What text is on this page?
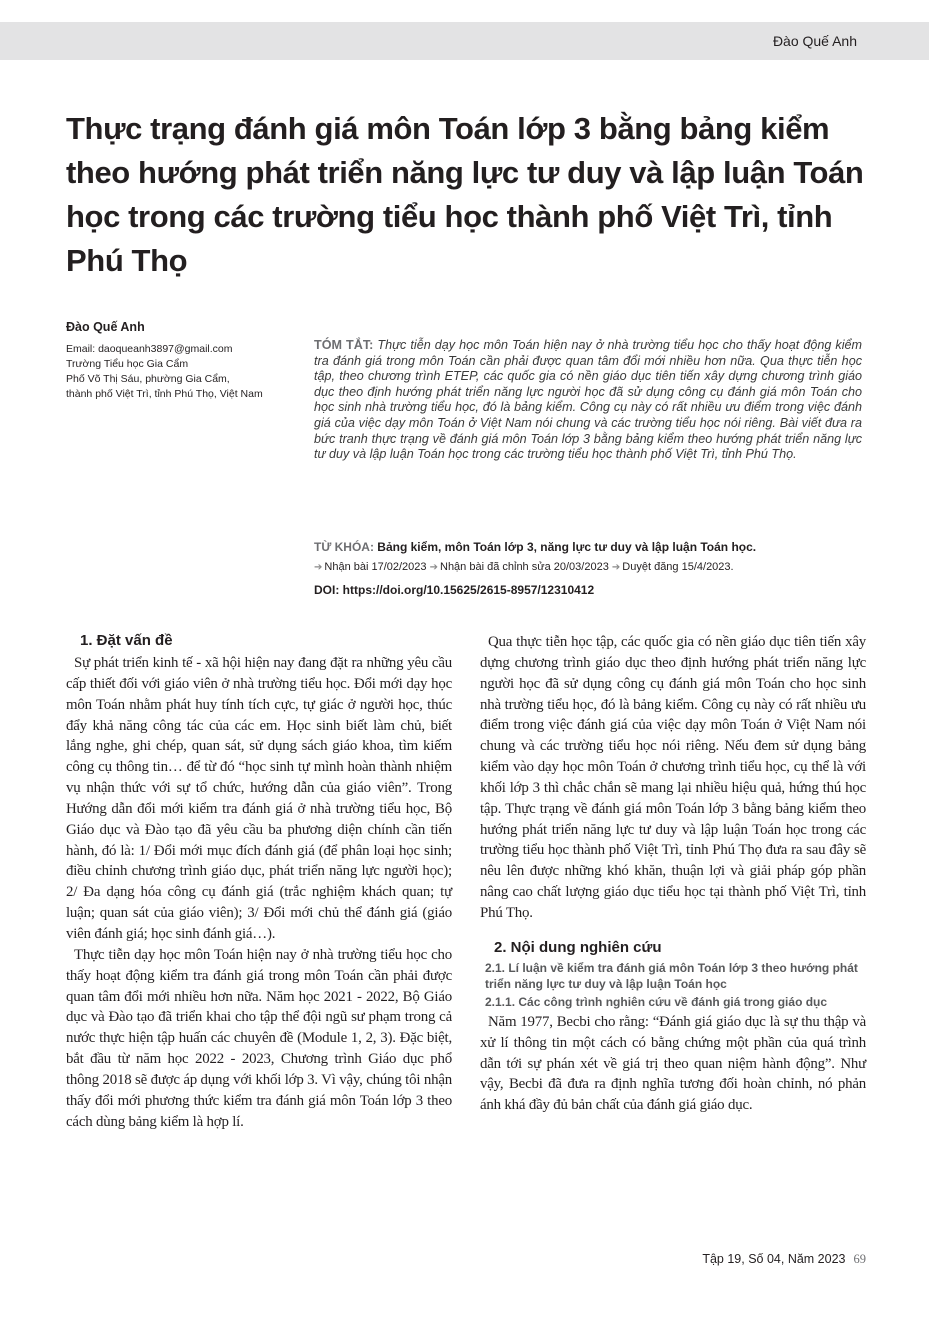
Đào Quế Anh
Thực trạng đánh giá môn Toán lớp 3 bằng bảng kiểm theo hướng phát triển năng lực tư duy và lập luận Toán học trong các trường tiểu học thành phố Việt Trì, tỉnh Phú Thọ
Đào Quế Anh
Email: daoqueanh3897@gmail.com
Trường Tiểu học Gia Cẩm
Phố Võ Thị Sáu, phường Gia Cẩm,
thành phố Việt Trì, tỉnh Phú Thọ, Việt Nam
TÓM TẮT: Thực tiễn dạy học môn Toán hiện nay ở nhà trường tiểu học cho thấy hoạt động kiểm tra đánh giá trong môn Toán cần phải được quan tâm đổi mới nhiều hơn nữa. Qua thực tiễn học tập, theo chương trình ETEP, các quốc gia có nền giáo dục tiên tiến xây dựng chương trình giáo dục theo định hướng phát triển năng lực người học đã sử dụng công cụ đánh giá môn Toán cho học sinh nhà trường tiểu học, đó là bảng kiểm. Công cụ này có rất nhiều ưu điểm trong việc đánh giá của việc dạy môn Toán ở Việt Nam nói chung và các trường tiểu học nói riêng. Bài viết đưa ra bức tranh thực trạng về đánh giá môn Toán lớp 3 bằng bảng kiểm theo hướng phát triển năng lực tư duy và lập luận Toán học trong các trường tiểu học thành phố Việt Trì, tỉnh Phú Thọ.
TỪ KHÓA: Bảng kiểm, môn Toán lớp 3, năng lực tư duy và lập luận Toán học.
➔ Nhận bài 17/02/2023 ➔ Nhận bài đã chỉnh sửa 20/03/2023 ➔ Duyệt đăng 15/4/2023.
DOI: https://doi.org/10.15625/2615-8957/12310412
1. Đặt vấn đề

Sự phát triển kinh tế - xã hội hiện nay đang đặt ra những yêu cầu cấp thiết đối với giáo viên ở nhà trường tiểu học. Đổi mới dạy học môn Toán nhằm phát huy tính tích cực, tự giác ở người học, thúc đẩy khả năng công tác của các em. Học sinh biết làm chủ, biết lắng nghe, ghi chép, quan sát, sử dụng sách giáo khoa, tìm kiếm công cụ thông tin… để từ đó “học sinh tự mình hoàn thành nhiệm vụ nhận thức với sự tổ chức, hướng dẫn của giáo viên”. Trong Hướng dẫn đổi mới kiểm tra đánh giá ở nhà trường tiểu học, Bộ Giáo dục và Đào tạo đã yêu cầu ba phương diện chính cần tiến hành, đó là: 1/ Đổi mới mục đích đánh giá (để phân loại học sinh; điều chỉnh chương trình giáo dục, phát triển năng lực người học); 2/ Đa dạng hóa công cụ đánh giá (trắc nghiệm khách quan; tự luận; quan sát của giáo viên); 3/ Đổi mới chủ thể đánh giá (giáo viên đánh giá; học sinh đánh giá…).

Thực tiễn dạy học môn Toán hiện nay ở nhà trường tiểu học cho thấy hoạt động kiểm tra đánh giá trong môn Toán cần phải được quan tâm đổi mới nhiều hơn nữa. Năm học 2021 - 2022, Bộ Giáo dục và Đào tạo đã triển khai cho tập thể đội ngũ sư phạm trong cả nước thực hiện tập huấn các chuyên đề (Module 1, 2, 3). Đặc biệt, bắt đầu từ năm học 2022 - 2023, Chương trình Giáo dục phổ thông 2018 sẽ được áp dụng với khối lớp 3. Vì vậy, chúng tôi nhận thấy đổi mới phương thức kiểm tra đánh giá môn Toán lớp 3 theo cách dùng bảng kiểm là hợp lí.

Qua thực tiễn học tập, các quốc gia có nền giáo dục tiên tiến xây dựng chương trình giáo dục theo định hướng phát triển năng lực người học đã sử dụng công cụ đánh giá môn Toán cho học sinh nhà trường tiểu học, đó là bảng kiểm. Công cụ này có rất nhiều ưu điểm trong việc đánh giá của việc dạy môn Toán ở Việt Nam nói chung và các trường tiểu học nói riêng. Nếu đem sử dụng bảng kiểm vào dạy học môn Toán ở chương trình tiểu học, cụ thể là với khối lớp 3 thì chắc chắn sẽ mang lại nhiều hiệu quả, hứng thú học tập. Thực trạng về đánh giá môn Toán lớp 3 bằng bảng kiểm theo hướng phát triển năng lực tư duy và lập luận Toán học trong các trường tiểu học thành phố Việt Trì, tỉnh Phú Thọ đưa ra sau đây sẽ nêu lên được những khó khăn, thuận lợi và giải pháp góp phần nâng cao chất lượng giáo dục tiểu học tại thành phố Việt Trì, tỉnh Phú Thọ.

2. Nội dung nghiên cứu
2.1. Lí luận về kiểm tra đánh giá môn Toán lớp 3 theo hướng phát triển năng lực tư duy và lập luận Toán học
2.1.1. Các công trình nghiên cứu về đánh giá trong giáo dục

Năm 1977, Becbi cho rằng: “Đánh giá giáo dục là sự thu thập và xử lí thông tin một cách có bằng chứng một phần của quá trình dẫn tới sự phán xét về giá trị theo quan niệm hành động”. Như vậy, Becbi đã đưa ra định nghĩa tương đối hoàn chỉnh, nó phản ánh khá đầy đủ bản chất của đánh giá giáo dục.

Tập 19, Số 04, Năm 2023 69
